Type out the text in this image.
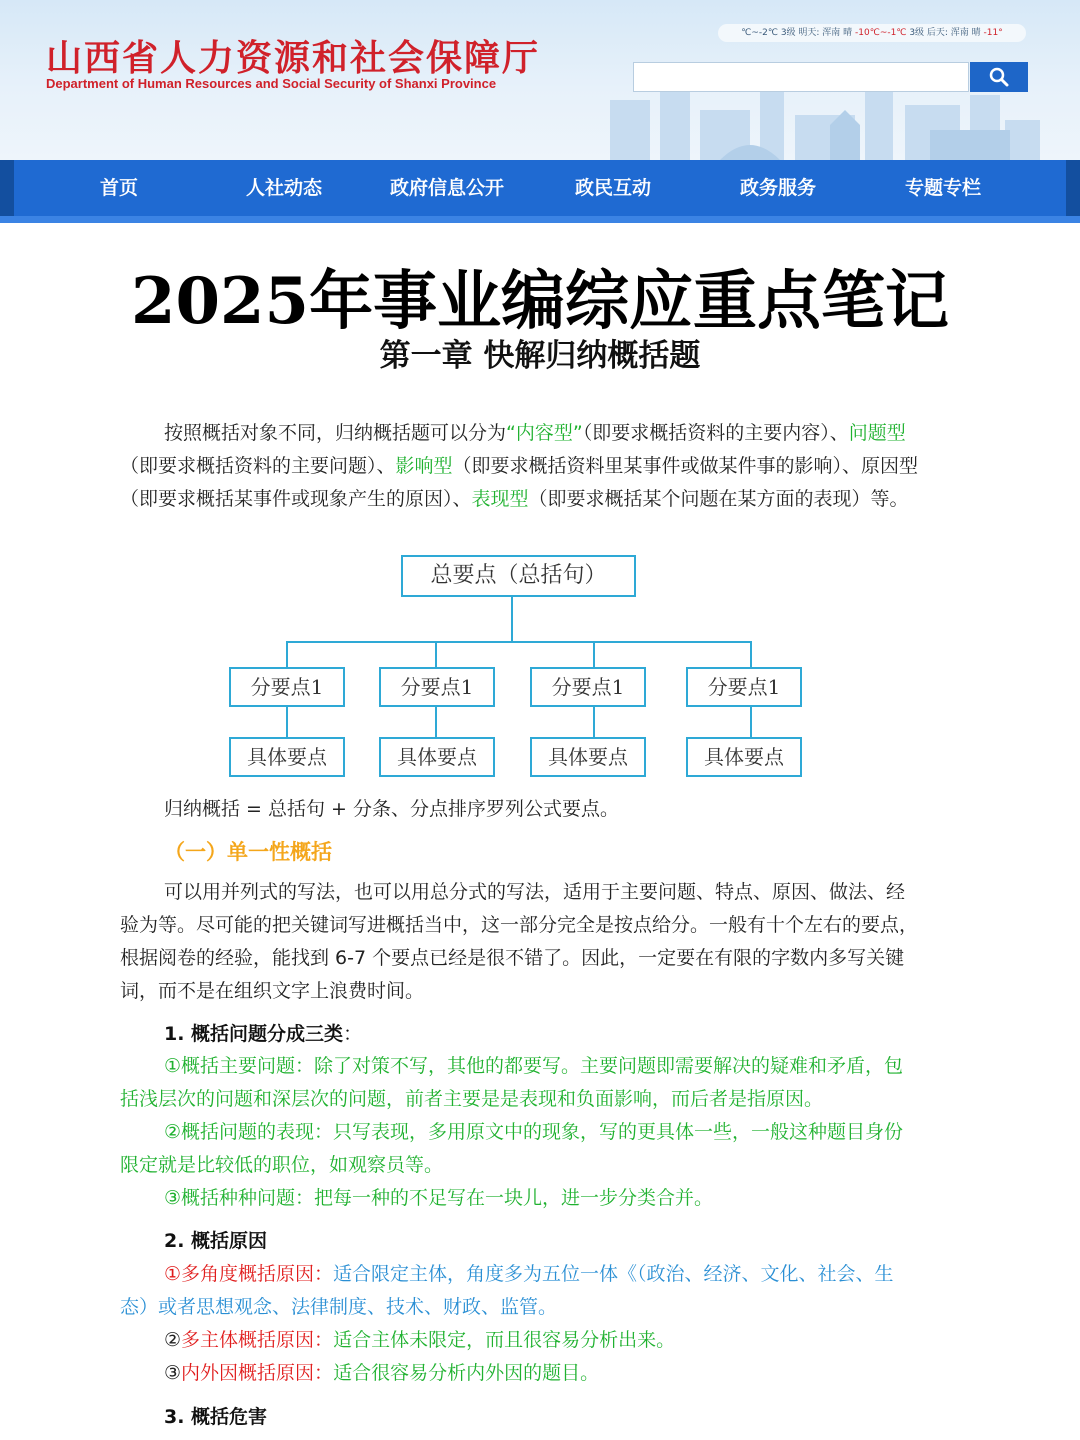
山西省人力资源和社会保障厅
Department of Human Resources and Social Security of Shanxi Province
℃~-2℃ 3级 明天: 浑南 晴 -10℃~-1℃ 3级 后天: 浑南 晴 -11°
首页	人社动态	政府信息公开	政民互动	政务服务	专题专栏
2025年事业编综应重点笔记
第一章 快解归纳概括题
按照概括对象不同，归纳概括题可以分为“内容型”（即要求概括资料的主要内容）、问题型（即要求概括资料的主要问题）、影响型（即要求概括资料里某事件或做某件事的影响）、原因型（即要求概括某事件或现象产生的原因）、表现型（即要求概括某个问题在某方面的表现）等。
总要点（总括句）
分要点1	分要点1	分要点1	分要点1
具体要点	具体要点	具体要点	具体要点
归纳概括 = 总括句 + 分条、分点排序罗列公式要点。
（一）单一性概括
可以用并列式的写法，也可以用总分式的写法，适用于主要问题、特点、原因、做法、经验为等。尽可能的把关键词写进概括当中，这一部分完全是按点给分。一般有十个左右的要点，根据阅卷的经验，能找到 6-7 个要点已经是很不错了。因此，一定要在有限的字数内多写关键词，而不是在组织文字上浪费时间。
1. 概括问题分成三类：
①概括主要问题：除了对策不写，其他的都要写。主要问题即需要解决的疑难和矛盾，包括浅层次的问题和深层次的问题，前者主要是是表现和负面影响，而后者是指原因。
②概括问题的表现：只写表现，多用原文中的现象，写的更具体一些，一般这种题目身份限定就是比较低的职位，如观察员等。
③概括种种问题：把每一种的不足写在一块儿，进一步分类合并。
2. 概括原因
①多角度概括原因：适合限定主体，角度多为五位一体《（政治、经济、文化、社会、生态）或者思想观念、法律制度、技术、财政、监管。
②多主体概括原因：适合主体未限定，而且很容易分析出来。
③内外因概括原因：适合很容易分析内外因的题目。
3. 概括危害
